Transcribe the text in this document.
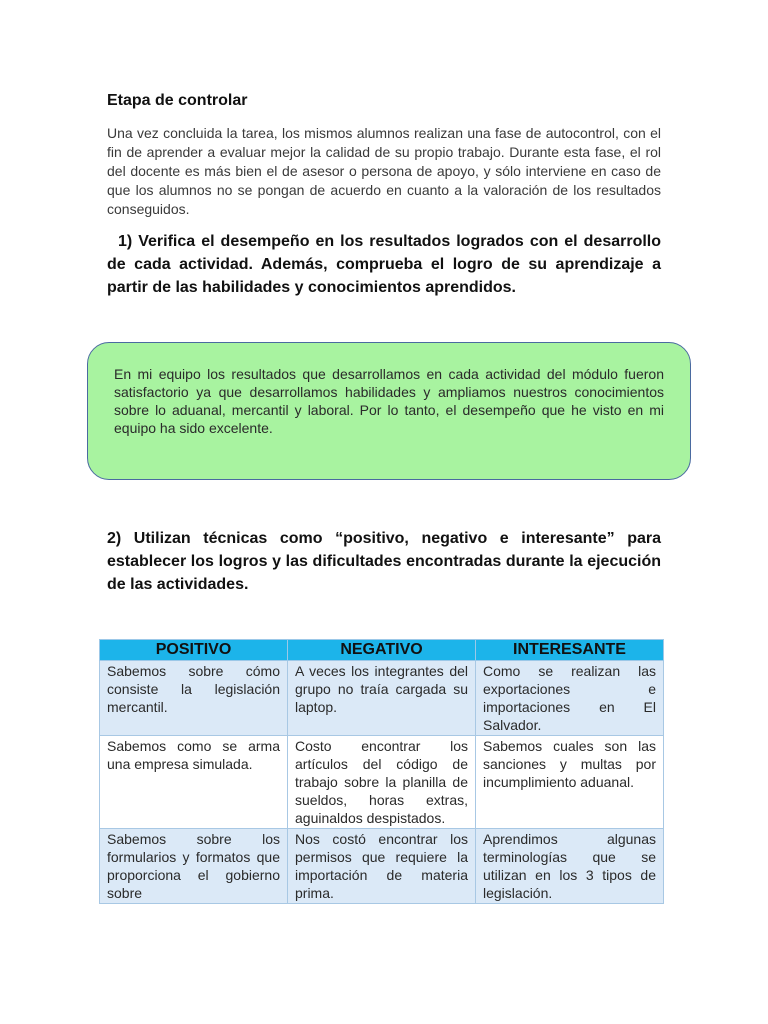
Etapa de controlar

Una vez concluida la tarea, los mismos alumnos realizan una fase de autocontrol, con el fin de aprender a evaluar mejor la calidad de su propio trabajo. Durante esta fase, el rol del docente es más bien el de asesor o persona de apoyo, y sólo interviene en caso de que los alumnos no se pongan de acuerdo en cuanto a la valoración de los resultados conseguidos.

1) Verifica el desempeño en los resultados logrados con el desarrollo de cada actividad. Además, comprueba el logro de su aprendizaje a partir de las habilidades y conocimientos aprendidos.

En mi equipo los resultados que desarrollamos en cada actividad del módulo fueron satisfactorio ya que desarrollamos habilidades y ampliamos nuestros conocimientos sobre lo aduanal, mercantil y laboral. Por lo tanto, el desempeño que he visto en mi equipo ha sido excelente.

2) Utilizan técnicas como “positivo, negativo e interesante” para establecer los logros y las dificultades encontradas durante la ejecución de las actividades.

POSITIVO	NEGATIVO	INTERESANTE
Sabemos sobre cómo consiste la legislación mercantil.	A veces los integrantes del grupo no traía cargada su laptop.	Como se realizan las exportaciones e importaciones en El Salvador.
Sabemos como se arma una empresa simulada.	Costo encontrar los artículos del código de trabajo sobre la planilla de sueldos, horas extras, aguinaldos despistados.	Sabemos cuales son las sanciones y multas por incumplimiento aduanal.
Sabemos sobre los formularios y formatos que proporciona el gobierno sobre	Nos costó encontrar los permisos que requiere la importación de materia prima.	Aprendimos algunas terminologías que se utilizan en los 3 tipos de legislación.
